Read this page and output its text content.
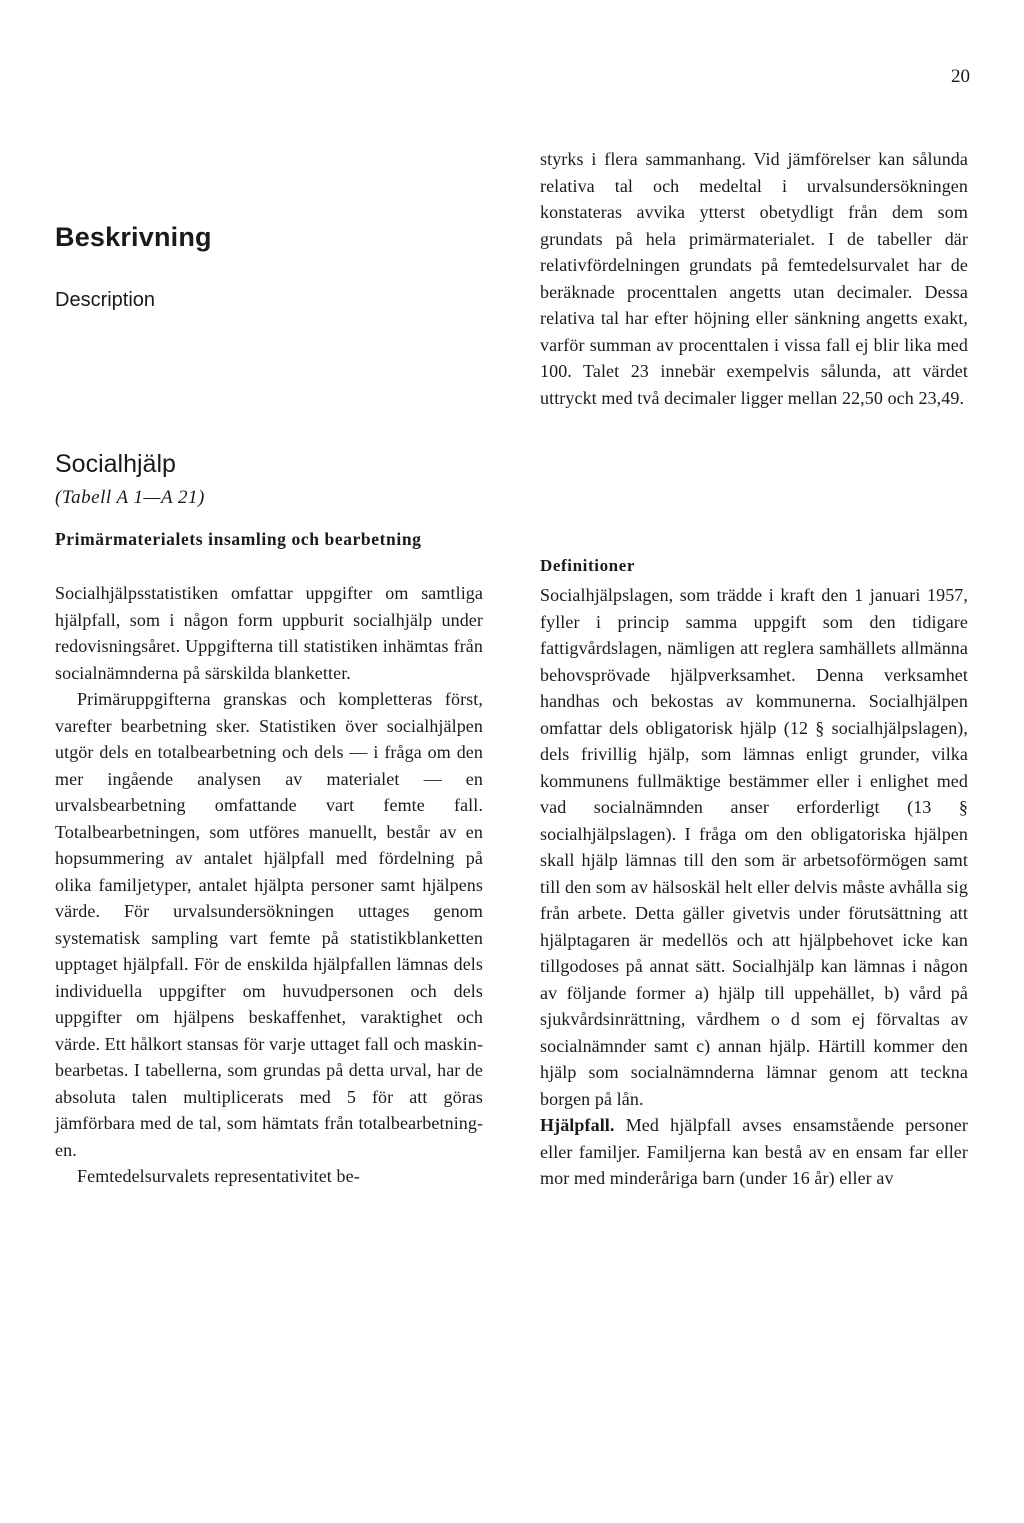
20
Beskrivning
Description
Socialhjälp
(Tabell A 1—A 21)
Primärmaterialets insamling och bearbetning

Socialhjälpsstatistiken omfattar uppgifter om samtliga hjälpfall, som i någon form uppburit socialhjälp under redovisningsåret. Uppgifterna till statistiken inhämtas från socialnämnderna på särskilda blanketter.

Primäruppgifterna granskas och kompletteras först, varefter bearbetning sker. Statistiken över socialhjälpen utgör dels en totalbearbetning och dels — i fråga om den mer ingående analysen av materialet — en urvalsbearbetning omfattande vart femte fall. Totalbearbetningen, som utföres manuellt, består av en hopsummering av antalet hjälpfall med fördelning på olika familjetyper, antalet hjälpta personer samt hjälpens värde. För urvalsundersökningen uttages genom systematisk sampling vart femte på statistikblanketten upptaget hjälpfall. För de enskilda hjälpfallen lämnas dels individuella uppgifter om huvudpersonen och dels uppgifter om hjälpens beskaffenhet, varaktighet och värde. Ett hålkort stansas för varje uttaget fall och maskinbearbetas. I tabellerna, som grundas på detta urval, har de absoluta talen multiplicerats med 5 för att göras jämförbara med de tal, som hämtats från totalbearbetningen.

Femtedelsurvalets representativitet be-

styrks i flera sammanhang. Vid jämförelser kan sålunda relativa tal och medeltal i urvalsundersökningen konstateras avvika ytterst obetydligt från dem som grundats på hela primärmaterialet. I de tabeller där relativfördelningen grundats på femtedelsurvalet har de beräknade procenttalen angetts utan decimaler. Dessa relativa tal har efter höjning eller sänkning angetts exakt, varför summan av procenttalen i vissa fall ej blir lika med 100. Talet 23 innebär exempelvis sålunda, att värdet uttryckt med två decimaler ligger mellan 22,50 och 23,49.

Definitioner

Socialhjälpslagen, som trädde i kraft den 1 januari 1957, fyller i princip samma uppgift som den tidigare fattigvårdslagen, nämligen att reglera samhällets allmänna behovsprövade hjälpverksamhet. Denna verksamhet handhas och bekostas av kommunerna. Socialhjälpen omfattar dels obligatorisk hjälp (12 § socialhjälpslagen), dels frivillig hjälp, som lämnas enligt grunder, vilka kommunens fullmäktige bestämmer eller i enlighet med vad socialnämnden anser erforderligt (13 § socialhjälpslagen). I fråga om den obligatoriska hjälpen skall hjälp lämnas till den som är arbetsoförmögen samt till den som av hälsoskäl helt eller delvis måste avhålla sig från arbete. Detta gäller givetvis under förutsättning att hjälptagaren är medellös och att hjälpbehovet icke kan tillgodoses på annat sätt. Socialhjälp kan lämnas i någon av följande former a) hjälp till uppehället, b) vård på sjukvårdsinrättning, vårdhem o d som ej förvaltas av socialnämnder samt c) annan hjälp. Härtill kommer den hjälp som socialnämnderna lämnar genom att teckna borgen på lån.

Hjälpfall. Med hjälpfall avses ensamstående personer eller familjer. Familjerna kan bestå av en ensam far eller mor med minderåriga barn (under 16 år) eller av
